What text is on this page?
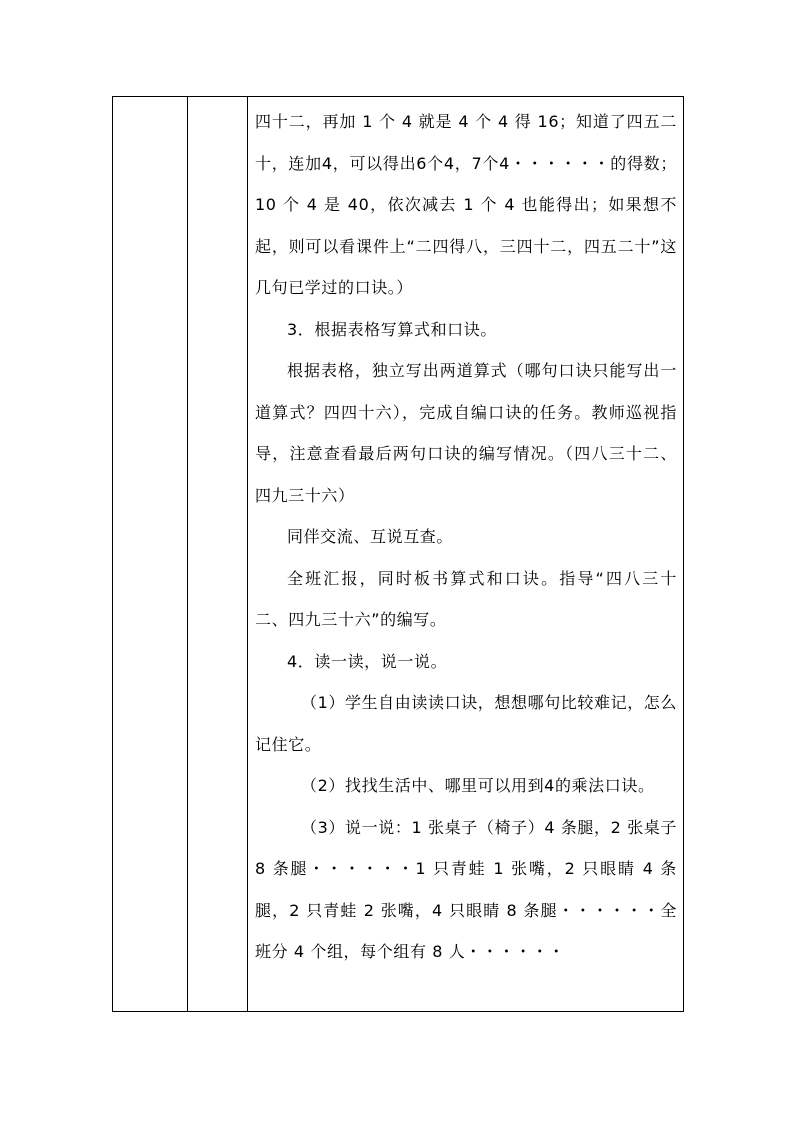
四十二，再加 1 个 4 就是 4 个 4 得 16；知道了四五二十，连加4，可以得出6个4，7个4・・・・・・的得数；10 个 4 是 40，依次减去 1 个 4 也能得出；如果想不起，则可以看课件上“二四得八，三四十二，四五二十”这几句已学过的口诀。）

3．根据表格写算式和口诀。

根据表格，独立写出两道算式（哪句口诀只能写出一道算式？四四十六），完成自编口诀的任务。教师巡视指导，注意查看最后两句口诀的编写情况。（四八三十二、四九三十六）

同伴交流、互说互查。

全班汇报，同时板书算式和口诀。指导“四八三十二、四九三十六”的编写。

4．读一读，说一说。

（1）学生自由读读口诀，想想哪句比较难记，怎么记住它。

（2）找找生活中、哪里可以用到4的乘法口诀。

（3）说一说：1 张桌子（椅子）4 条腿，2 张桌子 8 条腿・・・・・・1 只青蛙 1 张嘴，2 只眼睛 4 条腿，2 只青蛙 2 张嘴，4 只眼睛 8 条腿・・・・・・全班分 4 个组，每个组有 8 人・・・・・・
